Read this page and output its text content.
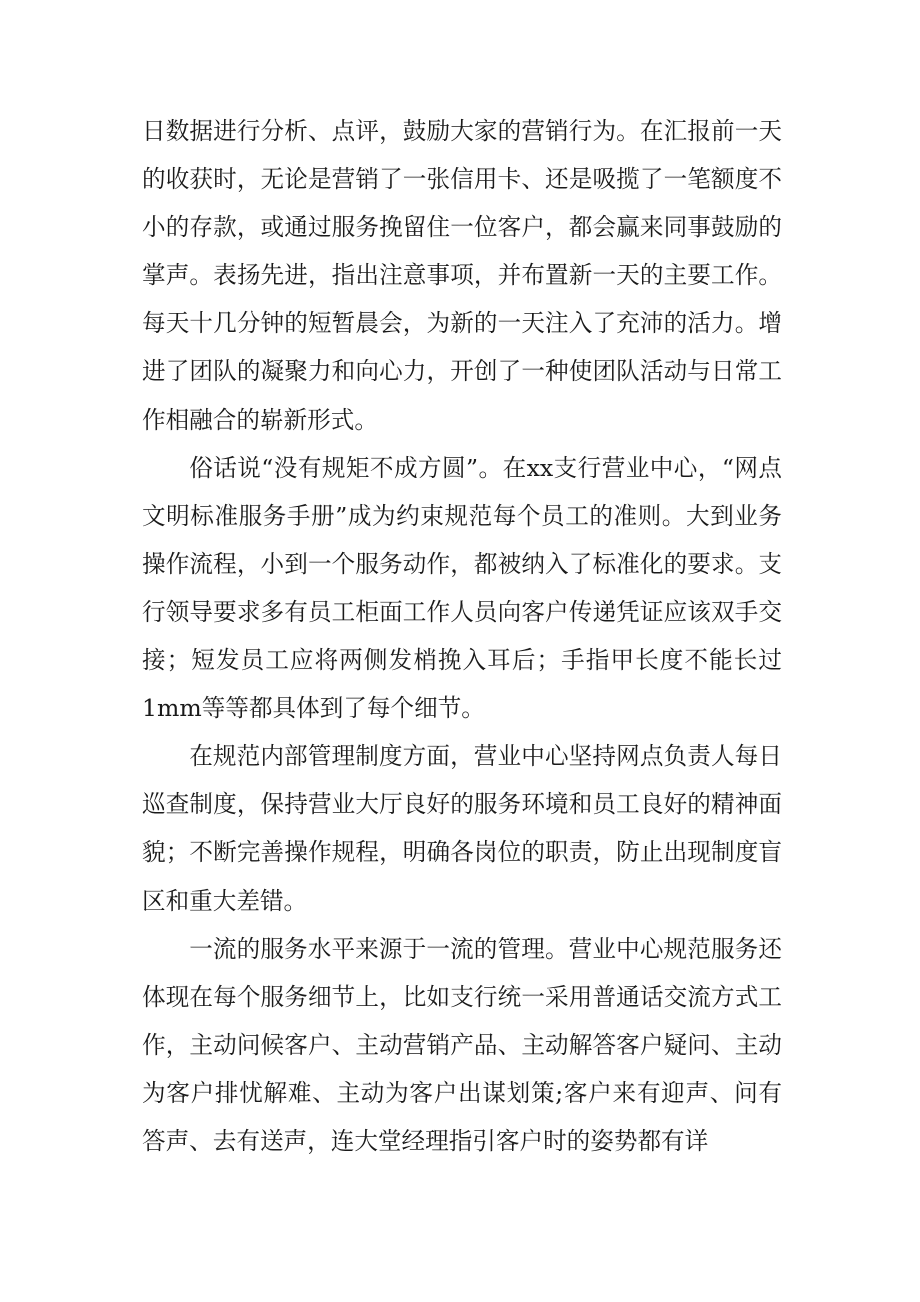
日数据进行分析、点评，鼓励大家的营销行为。在汇报前一天的收获时，无论是营销了一张信用卡、还是吸揽了一笔额度不小的存款，或通过服务挽留住一位客户，都会赢来同事鼓励的掌声。表扬先进，指出注意事项，并布置新一天的主要工作。每天十几分钟的短暂晨会，为新的一天注入了充沛的活力。增进了团队的凝聚力和向心力，开创了一种使团队活动与日常工作相融合的崭新形式。

俗话说“没有规矩不成方圆”。在xx支行营业中心，“网点文明标准服务手册”成为约束规范每个员工的准则。大到业务操作流程，小到一个服务动作，都被纳入了标准化的要求。支行领导要求多有员工柜面工作人员向客户传递凭证应该双手交接；短发员工应将两侧发梢挽入耳后；手指甲长度不能长过1mm等等都具体到了每个细节。

在规范内部管理制度方面，营业中心坚持网点负责人每日巡查制度，保持营业大厅良好的服务环境和员工良好的精神面貌；不断完善操作规程，明确各岗位的职责，防止出现制度盲区和重大差错。

一流的服务水平来源于一流的管理。营业中心规范服务还体现在每个服务细节上，比如支行统一采用普通话交流方式工作，主动问候客户、主动营销产品、主动解答客户疑问、主动为客户排忧解难、主动为客户出谋划策;客户来有迎声、问有答声、去有送声，连大堂经理指引客户时的姿势都有详
